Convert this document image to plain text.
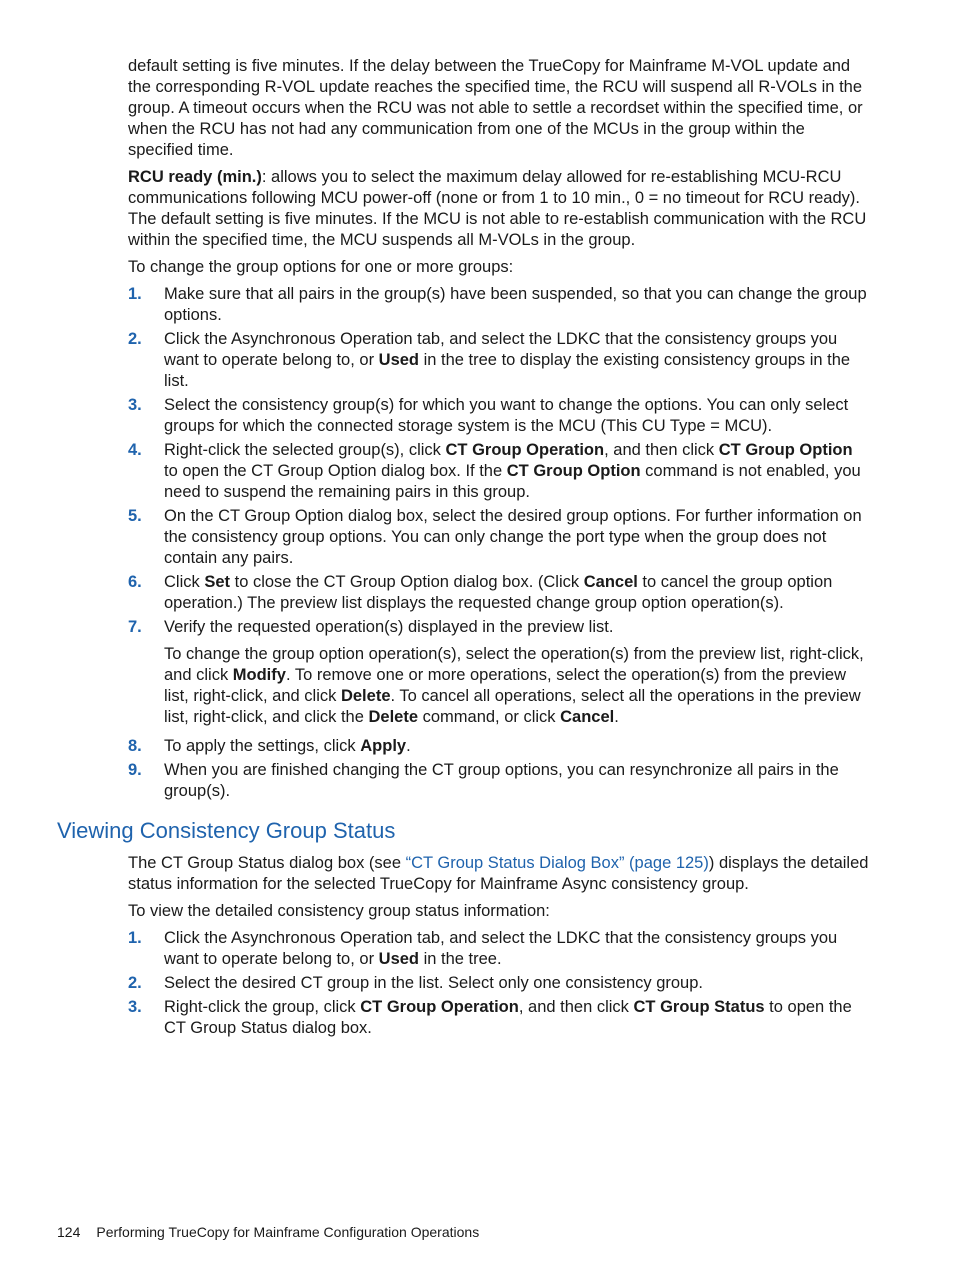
default setting is five minutes. If the delay between the TrueCopy for Mainframe M-VOL update and the corresponding R-VOL update reaches the specified time, the RCU will suspend all R-VOLs in the group. A timeout occurs when the RCU was not able to settle a recordset within the specified time, or when the RCU has not had any communication from one of the MCUs in the group within the specified time.

RCU ready (min.): allows you to select the maximum delay allowed for re-establishing MCU-RCU communications following MCU power-off (none or from 1 to 10 min., 0 = no timeout for RCU ready). The default setting is five minutes. If the MCU is not able to re-establish communication with the RCU within the specified time, the MCU suspends all M-VOLs in the group.

To change the group options for one or more groups:

1. Make sure that all pairs in the group(s) have been suspended, so that you can change the group options.
2. Click the Asynchronous Operation tab, and select the LDKC that the consistency groups you want to operate belong to, or Used in the tree to display the existing consistency groups in the list.
3. Select the consistency group(s) for which you want to change the options. You can only select groups for which the connected storage system is the MCU (This CU Type = MCU).
4. Right-click the selected group(s), click CT Group Operation, and then click CT Group Option to open the CT Group Option dialog box. If the CT Group Option command is not enabled, you need to suspend the remaining pairs in this group.
5. On the CT Group Option dialog box, select the desired group options. For further information on the consistency group options. You can only change the port type when the group does not contain any pairs.
6. Click Set to close the CT Group Option dialog box. (Click Cancel to cancel the group option operation.) The preview list displays the requested change group option operation(s).
7. Verify the requested operation(s) displayed in the preview list.
To change the group option operation(s), select the operation(s) from the preview list, right-click, and click Modify. To remove one or more operations, select the operation(s) from the preview list, right-click, and click Delete. To cancel all operations, select all the operations in the preview list, right-click, and click the Delete command, or click Cancel.
8. To apply the settings, click Apply.
9. When you are finished changing the CT group options, you can resynchronize all pairs in the group(s).
Viewing Consistency Group Status

The CT Group Status dialog box (see “CT Group Status Dialog Box” (page 125)) displays the detailed status information for the selected TrueCopy for Mainframe Async consistency group.

To view the detailed consistency group status information:

1. Click the Asynchronous Operation tab, and select the LDKC that the consistency groups you want to operate belong to, or Used in the tree.
2. Select the desired CT group in the list. Select only one consistency group.
3. Right-click the group, click CT Group Operation, and then click CT Group Status to open the CT Group Status dialog box.
124 Performing TrueCopy for Mainframe Configuration Operations
